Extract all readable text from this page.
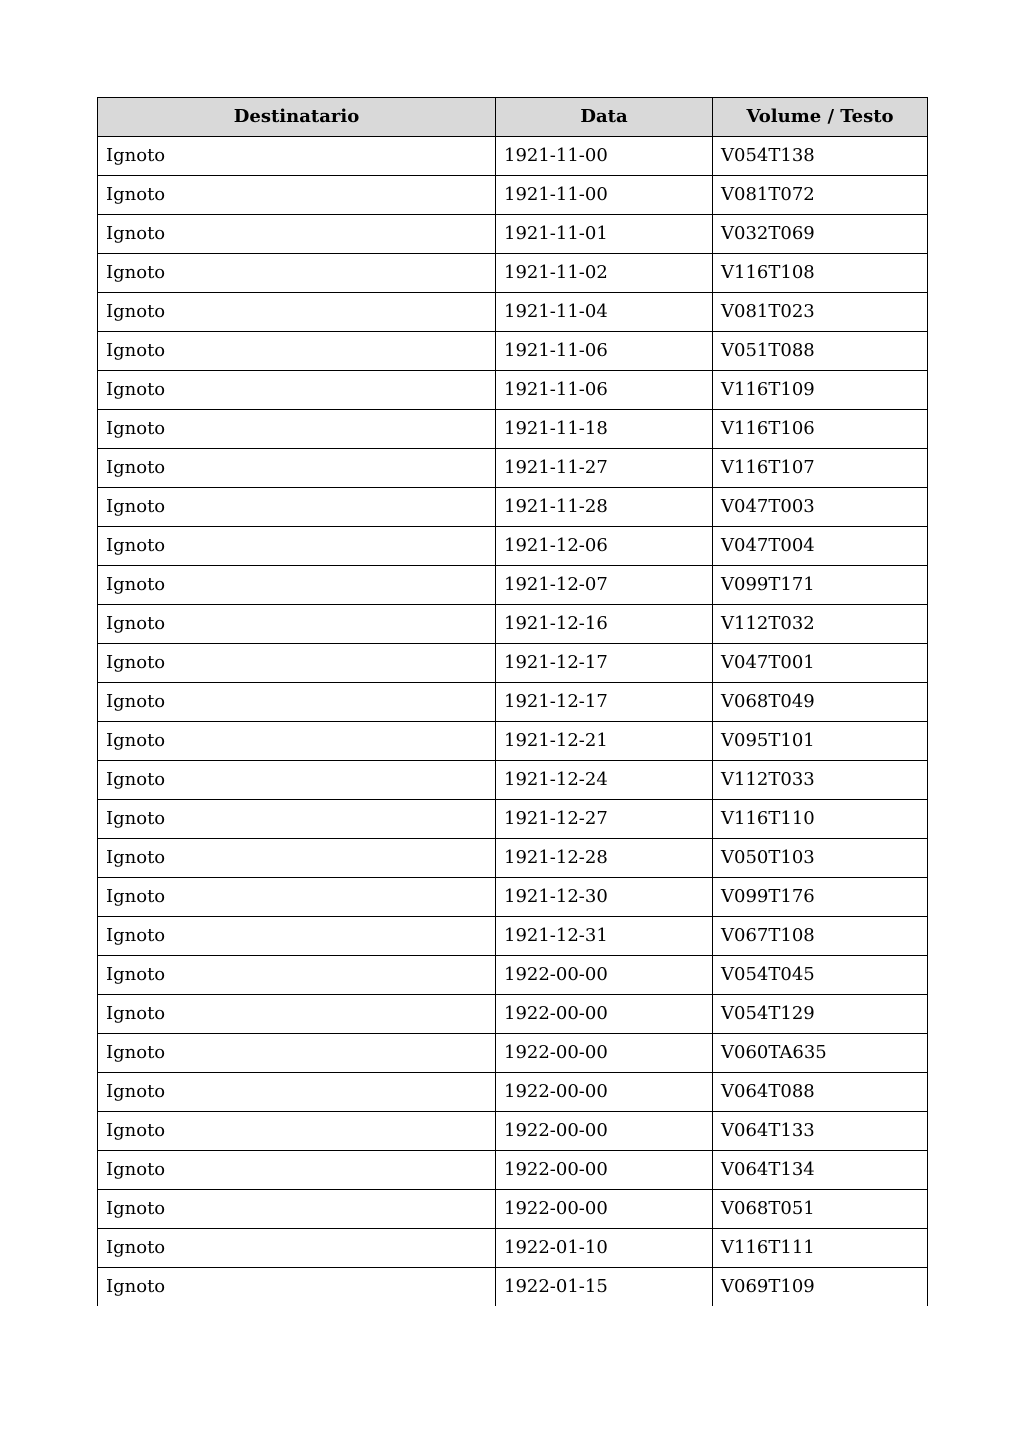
Destinatario	Data	Volume / Testo
Ignoto	1921-11-00	V054T138
Ignoto	1921-11-00	V081T072
Ignoto	1921-11-01	V032T069
Ignoto	1921-11-02	V116T108
Ignoto	1921-11-04	V081T023
Ignoto	1921-11-06	V051T088
Ignoto	1921-11-06	V116T109
Ignoto	1921-11-18	V116T106
Ignoto	1921-11-27	V116T107
Ignoto	1921-11-28	V047T003
Ignoto	1921-12-06	V047T004
Ignoto	1921-12-07	V099T171
Ignoto	1921-12-16	V112T032
Ignoto	1921-12-17	V047T001
Ignoto	1921-12-17	V068T049
Ignoto	1921-12-21	V095T101
Ignoto	1921-12-24	V112T033
Ignoto	1921-12-27	V116T110
Ignoto	1921-12-28	V050T103
Ignoto	1921-12-30	V099T176
Ignoto	1921-12-31	V067T108
Ignoto	1922-00-00	V054T045
Ignoto	1922-00-00	V054T129
Ignoto	1922-00-00	V060TA635
Ignoto	1922-00-00	V064T088
Ignoto	1922-00-00	V064T133
Ignoto	1922-00-00	V064T134
Ignoto	1922-00-00	V068T051
Ignoto	1922-01-10	V116T111
Ignoto	1922-01-15	V069T109
